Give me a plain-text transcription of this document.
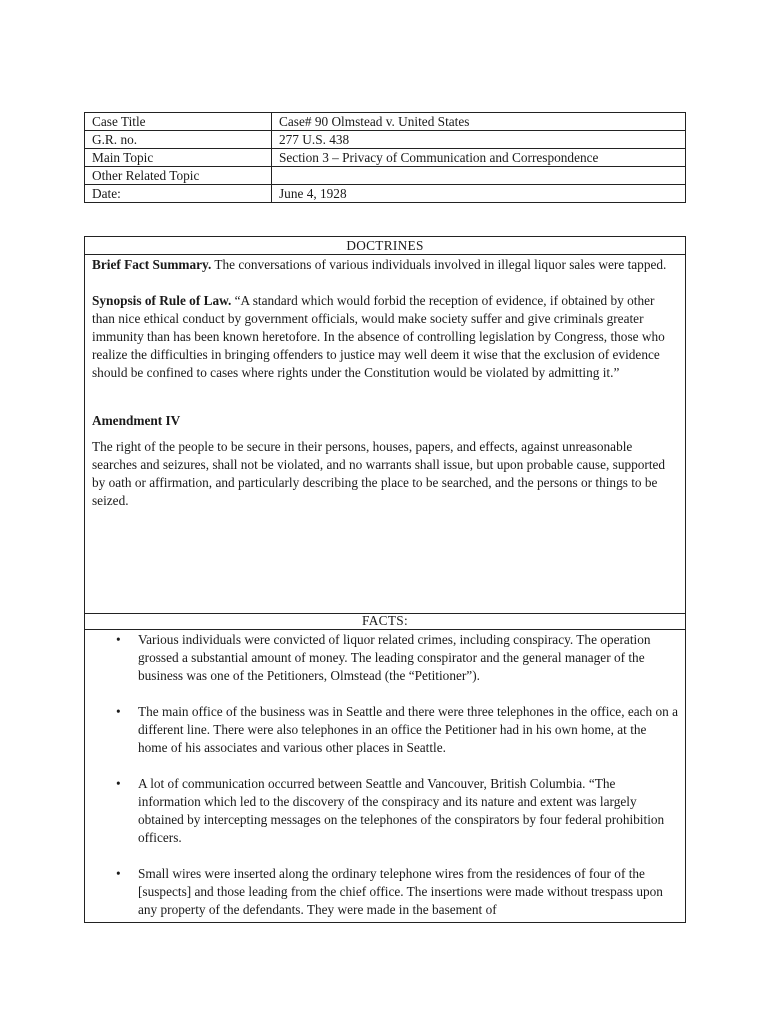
Case Title	Case# 90 Olmstead v. United States
G.R. no.	277 U.S. 438
Main Topic	Section 3 – Privacy of Communication and Correspondence
Other Related Topic	
Date:	June 4, 1928
DOCTRINES

Brief Fact Summary. The conversations of various individuals involved in illegal liquor sales were tapped.

Synopsis of Rule of Law. “A standard which would forbid the reception of evidence, if obtained by other than nice ethical conduct by government officials, would make society suffer and give criminals greater immunity than has been known heretofore. In the absence of controlling legislation by Congress, those who realize the difficulties in bringing offenders to justice may well deem it wise that the exclusion of evidence should be confined to cases where rights under the Constitution would be violated by admitting it.”

Amendment IV

The right of the people to be secure in their persons, houses, papers, and effects, against unreasonable searches and seizures, shall not be violated, and no warrants shall issue, but upon probable cause, supported by oath or affirmation, and particularly describing the place to be searched, and the persons or things to be seized.

FACTS:
• Various individuals were convicted of liquor related crimes, including conspiracy. The operation grossed a substantial amount of money. The leading conspirator and the general manager of the business was one of the Petitioners, Olmstead (the “Petitioner”).
• The main office of the business was in Seattle and there were three telephones in the office, each on a different line. There were also telephones in an office the Petitioner had in his own home, at the home of his associates and various other places in Seattle.
• A lot of communication occurred between Seattle and Vancouver, British Columbia. “The information which led to the discovery of the conspiracy and its nature and extent was largely obtained by intercepting messages on the telephones of the conspirators by four federal prohibition officers.
• Small wires were inserted along the ordinary telephone wires from the residences of four of the [suspects] and those leading from the chief office. The insertions were made without trespass upon any property of the defendants. They were made in the basement of
